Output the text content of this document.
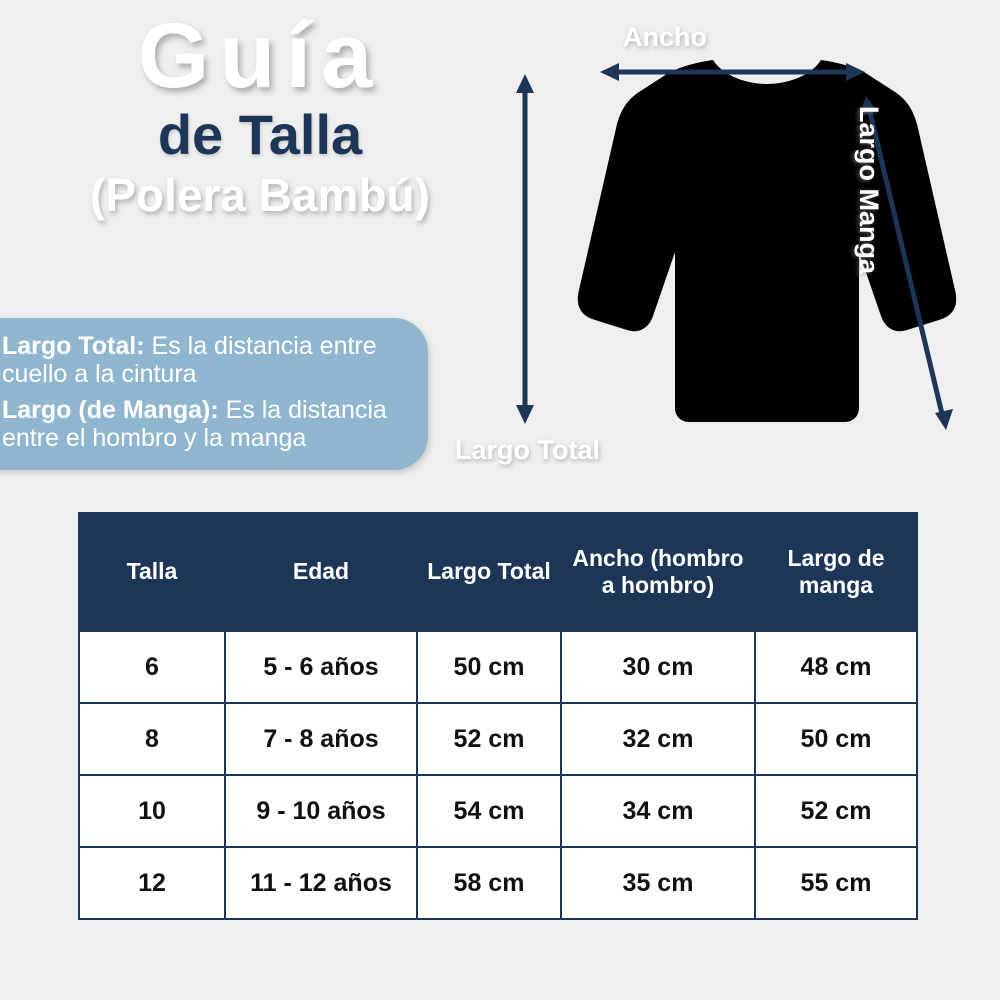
Guía
de Talla
(Polera Bambú)
Largo Total: Es la distancia entre cuello a la cintura
Largo (de Manga): Es la distancia entre el hombro y la manga
Ancho
Largo Total
Largo Manga
Talla	Edad	Largo Total	Ancho (hombro a hombro)	Largo de manga
6	5 - 6 años	50 cm	30 cm	48 cm
8	7 - 8 años	52 cm	32 cm	50 cm
10	9 - 10 años	54 cm	34 cm	52 cm
12	11 - 12 años	58 cm	35 cm	55 cm
